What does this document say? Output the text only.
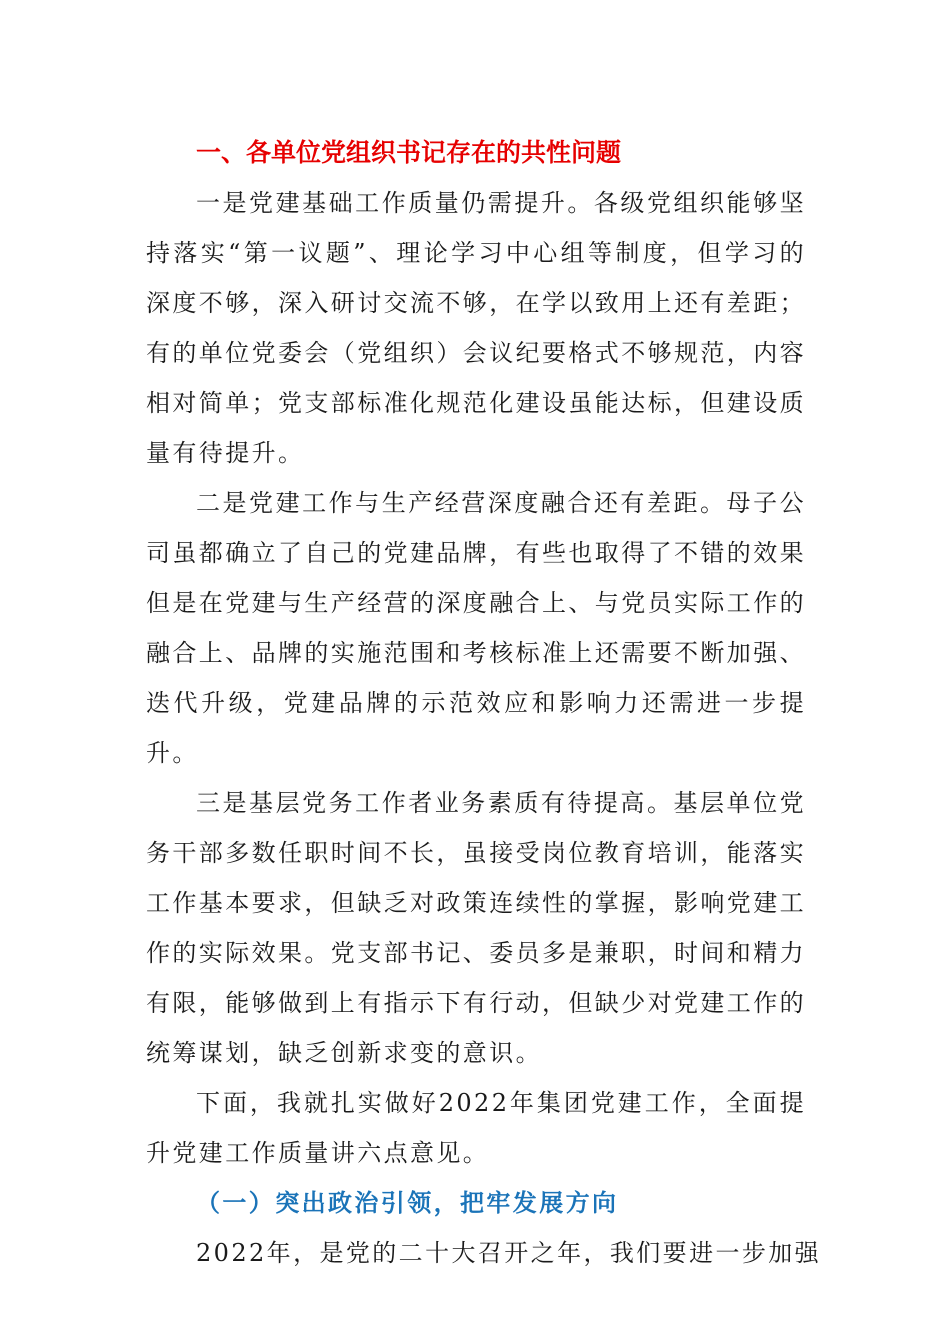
一、各单位党组织书记存在的共性问题

一是党建基础工作质量仍需提升。各级党组织能够坚持落实“第一议题”、理论学习中心组等制度，但学习的深度不够，深入研讨交流不够，在学以致用上还有差距；有的单位党委会（党组织）会议纪要格式不够规范，内容相对简单；党支部标准化规范化建设虽能达标，但建设质量有待提升。

二是党建工作与生产经营深度融合还有差距。母子公司虽都确立了自己的党建品牌，有些也取得了不错的效果但是在党建与生产经营的深度融合上、与党员实际工作的融合上、品牌的实施范围和考核标准上还需要不断加强、迭代升级，党建品牌的示范效应和影响力还需进一步提升。

三是基层党务工作者业务素质有待提高。基层单位党务干部多数任职时间不长，虽接受岗位教育培训，能落实工作基本要求，但缺乏对政策连续性的掌握，影响党建工作的实际效果。党支部书记、委员多是兼职，时间和精力有限，能够做到上有指示下有行动，但缺少对党建工作的统筹谋划，缺乏创新求变的意识。

下面，我就扎实做好2022年集团党建工作，全面提升党建工作质量讲六点意见。

（一）突出政治引领，把牢发展方向

2022年，是党的二十大召开之年，我们要进一步加强
